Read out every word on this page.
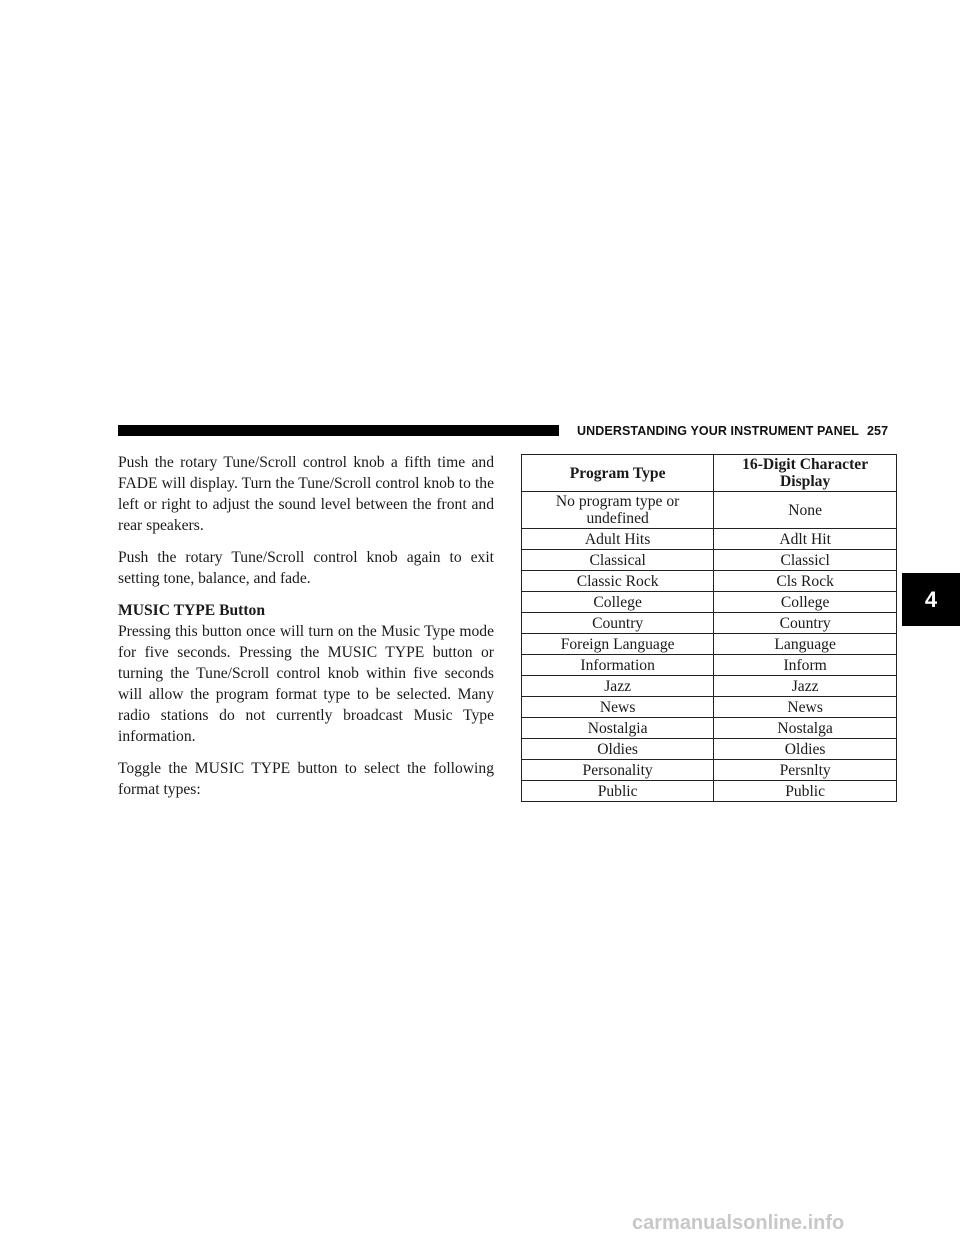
UNDERSTANDING YOUR INSTRUMENT PANEL 257
4

Push the rotary Tune/Scroll control knob a fifth time and FADE will display. Turn the Tune/Scroll control knob to the left or right to adjust the sound level between the front and rear speakers.

Push the rotary Tune/Scroll control knob again to exit setting tone, balance, and fade.

MUSIC TYPE Button

Pressing this button once will turn on the Music Type mode for five seconds. Pressing the MUSIC TYPE button or turning the Tune/Scroll control knob within five seconds will allow the program format type to be selected. Many radio stations do not currently broadcast Music Type information.

Toggle the MUSIC TYPE button to select the following format types:

Program Type	16-Digit Character Display
No program type or undefined	None
Adult Hits	Adlt Hit
Classical	Classicl
Classic Rock	Cls Rock
College	College
Country	Country
Foreign Language	Language
Information	Inform
Jazz	Jazz
News	News
Nostalgia	Nostalga
Oldies	Oldies
Personality	Persnlty
Public	Public
carmanualsonline.info
